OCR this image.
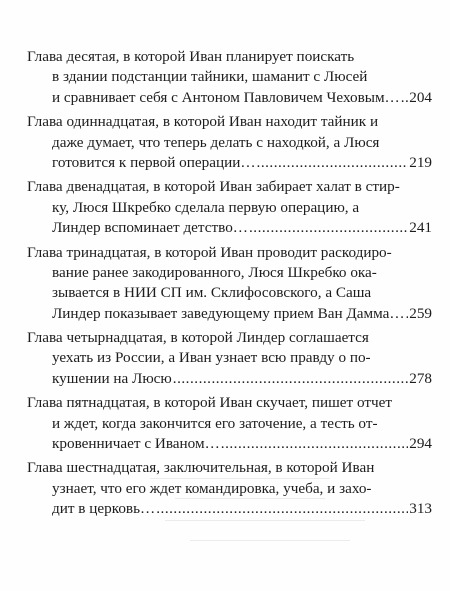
Глава десятая, в которой Иван планирует поискать
в здании подстанции тайники, шаманит с Люсей
и сравнивает себя с Антоном Павловичем Чеховым… ..... 204
Глава одиннадцатая, в которой Иван находит тайник и
даже думает, что теперь делать с находкой, а Люся
готовится к первой операции… .....	219
Глава двенадцатая, в которой Иван забирает халат в стир-
ку, Люся Шкребко сделала первую операцию, а
Линдер вспоминает детство… .....	241
Глава тринадцатая, в которой Иван проводит раскодиро-
вание ранее закодированного, Люся Шкребко ока-
зывается в НИИ СП им. Склифосовского, а Саша
Линдер показывает заведующему прием Ван Дамма… ..... 259
Глава четырнадцатая, в которой Линдер соглашается
уехать из России, а Иван узнает всю правду о по-
кушении на Люсю .....	278
Глава пятнадцатая, в которой Иван скучает, пишет отчет
и ждет, когда закончится его заточение, а тесть от-
кровенничает с Иваном… .....	294
Глава шестнадцатая, заключительная, в которой Иван
узнает, что его ждет командировка, учеба, и захо-
дит в церковь… .....	313
